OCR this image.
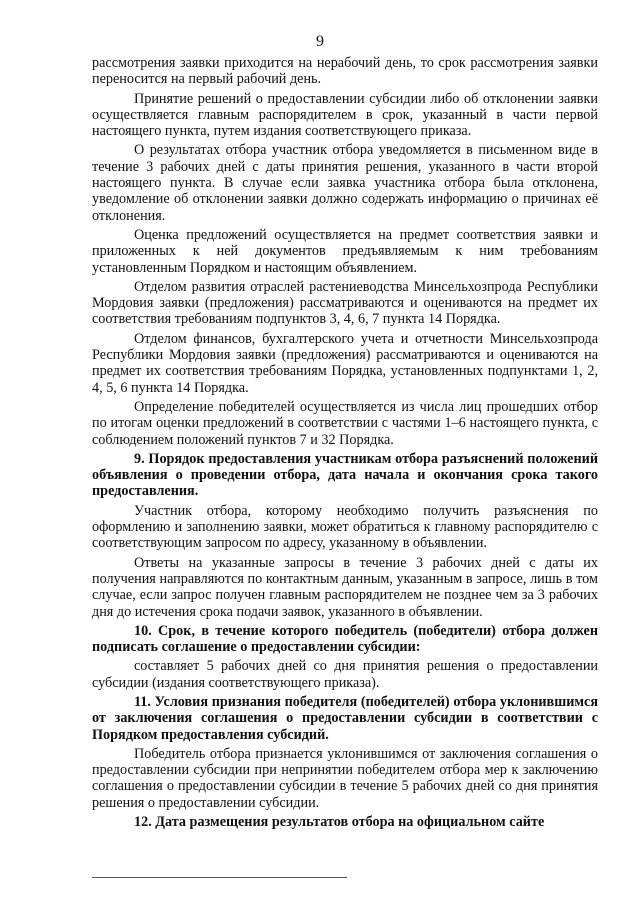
9

рассмотрения заявки приходится на нерабочий день, то срок рассмотрения заявки переносится на первый рабочий день.

Принятие решений о предоставлении субсидии либо об отклонении заявки осуществляется главным распорядителем в срок, указанный в части первой настоящего пункта, путем издания соответствующего приказа.

О результатах отбора участник отбора уведомляется в письменном виде в течение 3 рабочих дней с даты принятия решения, указанного в части второй настоящего пункта. В случае если заявка участника отбора была отклонена, уведомление об отклонении заявки должно содержать информацию о причинах её отклонения.

Оценка предложений осуществляется на предмет соответствия заявки и приложенных к ней документов предъявляемым к ним требованиям установленным Порядком и настоящим объявлением.

Отделом развития отраслей растениеводства Минсельхозпрода Республики Мордовия заявки (предложения) рассматриваются и оцениваются на предмет их соответствия требованиям подпунктов 3, 4, 6, 7 пункта 14 Порядка.

Отделом финансов, бухгалтерского учета и отчетности Минсельхозпрода Республики Мордовия заявки (предложения) рассматриваются и оцениваются на предмет их соответствия требованиям Порядка, установленных подпунктами 1, 2, 4, 5, 6 пункта 14 Порядка.

Определение победителей осуществляется из числа лиц прошедших отбор по итогам оценки предложений в соответствии с частями 1–6 настоящего пункта, с соблюдением положений пунктов 7 и 32 Порядка.

9. Порядок предоставления участникам отбора разъяснений положений объявления о проведении отбора, дата начала и окончания срока такого предоставления.

Участник отбора, которому необходимо получить разъяснения по оформлению и заполнению заявки, может обратиться к главному распорядителю с соответствующим запросом по адресу, указанному в объявлении.

Ответы на указанные запросы в течение 3 рабочих дней с даты их получения направляются по контактным данным, указанным в запросе, лишь в том случае, если запрос получен главным распорядителем не позднее чем за 3 рабочих дня до истечения срока подачи заявок, указанного в объявлении.

10. Срок, в течение которого победитель (победители) отбора должен подписать соглашение о предоставлении субсидии:

составляет 5 рабочих дней со дня принятия решения о предоставлении субсидии (издания соответствующего приказа).

11. Условия признания победителя (победителей) отбора уклонившимся от заключения соглашения о предоставлении субсидии в соответствии с Порядком предоставления субсидий.

Победитель отбора признается уклонившимся от заключения соглашения о предоставлении субсидии при непринятии победителем отбора мер к заключению соглашения о предоставлении субсидии в течение 5 рабочих дней со дня принятия решения о предоставлении субсидии.

12. Дата размещения результатов отбора на официальном сайте
